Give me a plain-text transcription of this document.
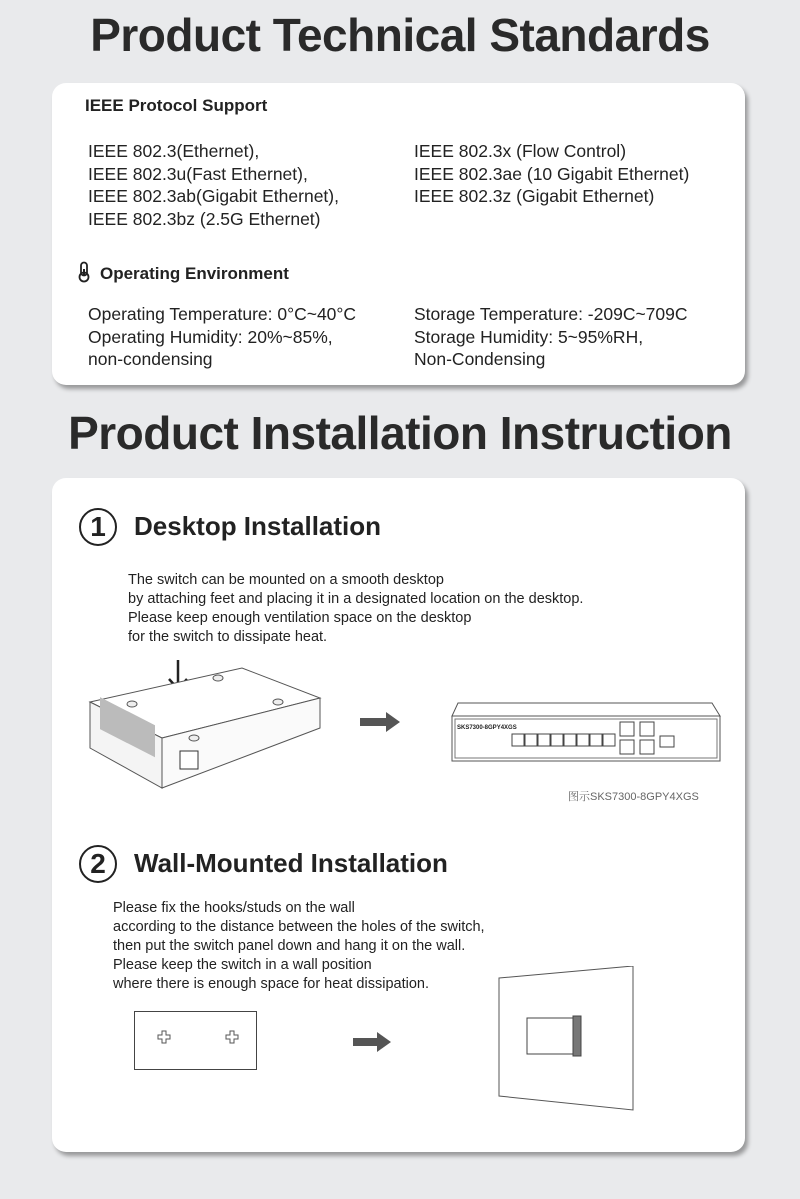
Product Technical Standards
IEEE Protocol Support
IEEE 802.3(Ethernet),
IEEE 802.3u(Fast Ethernet),
IEEE 802.3ab(Gigabit Ethernet),
IEEE 802.3bz (2.5G Ethernet)
IEEE 802.3x (Flow Control)
IEEE 802.3ae (10 Gigabit Ethernet)
IEEE 802.3z (Gigabit Ethernet)
Operating Environment
Operating Temperature: 0°C~40°C
Operating Humidity: 20%~85%,
non-condensing
Storage Temperature: -209C~709C
Storage Humidity: 5~95%RH,
Non-Condensing
Product Installation Instruction
1	Desktop Installation
The switch can be mounted on a smooth desktop
by attaching feet and placing it in a designated location on the desktop.
Please keep enough ventilation space on the desktop
for the switch to dissipate heat.
SKS7300-8GPY4XGS
图示SKS7300-8GPY4XGS
2	Wall-Mounted Installation
Please fix the hooks/studs on the wall
according to the distance between the holes of the switch,
then put the switch panel down and hang it on the wall.
Please keep the switch in a wall position
where there is enough space for heat dissipation.
